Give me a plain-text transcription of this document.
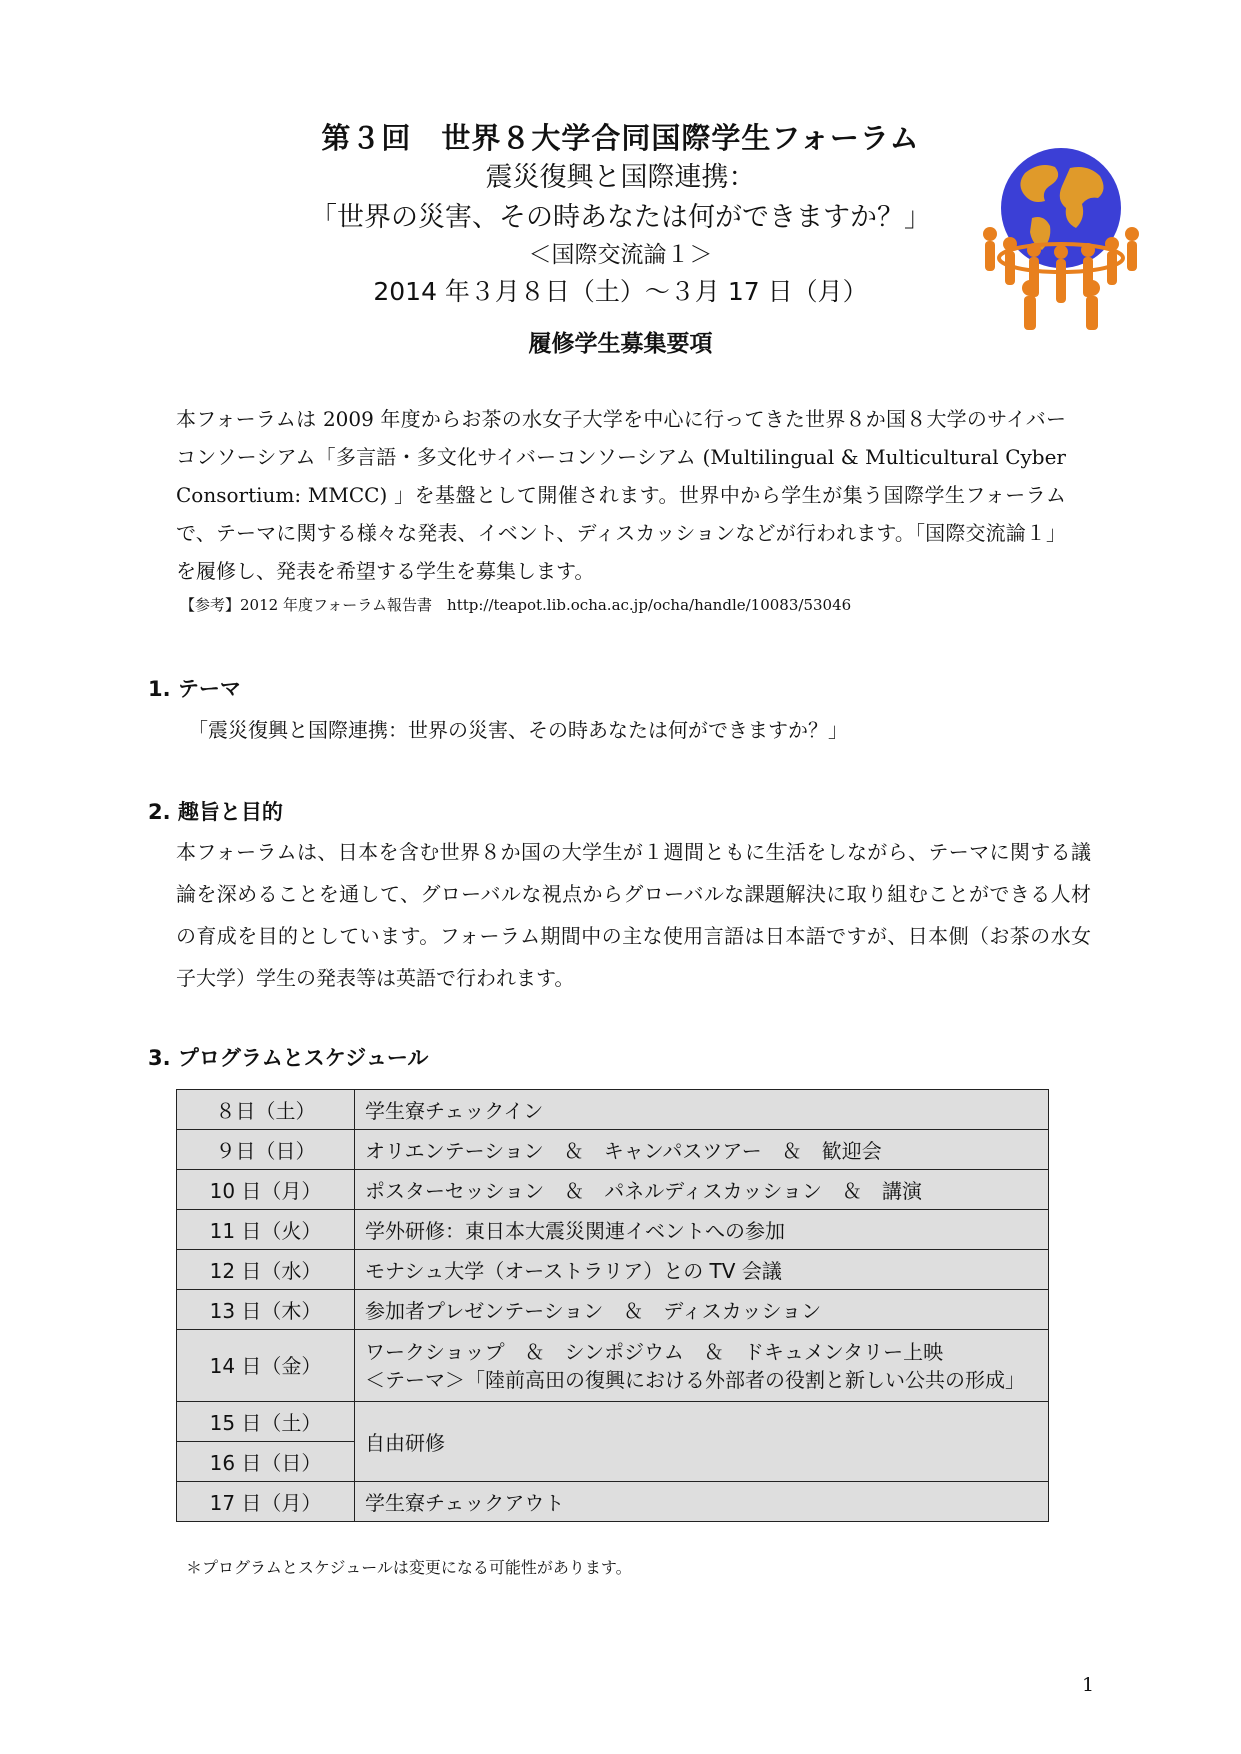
第３回　世界８大学合同国際学生フォーラム
震災復興と国際連携：
「世界の災害、その時あなたは何ができますか？」
＜国際交流論１＞
2014 年３月８日（土）～３月 17 日（月）
履修学生募集要項
本フォーラムは 2009 年度からお茶の水女子大学を中心に行ってきた世界８か国８大学のサイバーコンソーシアム「多言語・多文化サイバーコンソーシアム (Multilingual & Multicultural Cyber Consortium: MMCC) 」を基盤として開催されます。世界中から学生が集う国際学生フォーラムで、テーマに関する様々な発表、イベント、ディスカッションなどが行われます。「国際交流論１」を履修し、発表を希望する学生を募集します。
【参考】2012 年度フォーラム報告書　http://teapot.lib.ocha.ac.jp/ocha/handle/10083/53046
1. テーマ
「震災復興と国際連携：世界の災害、その時あなたは何ができますか？」
2. 趣旨と目的
本フォーラムは、日本を含む世界８か国の大学生が１週間ともに生活をしながら、テーマに関する議論を深めることを通して、グローバルな視点からグローバルな課題解決に取り組むことができる人材の育成を目的としています。フォーラム期間中の主な使用言語は日本語ですが、日本側（お茶の水女子大学）学生の発表等は英語で行われます。
3. プログラムとスケジュール
８日（土）	学生寮チェックイン
９日（日）	オリエンテーション　＆　キャンパスツアー　＆　歓迎会
10 日（月）	ポスターセッション　＆　パネルディスカッション　＆　講演
11 日（火）	学外研修：東日本大震災関連イベントへの参加
12 日（水）	モナシュ大学（オーストラリア）との TV 会議
13 日（木）	参加者プレゼンテーション　＆　ディスカッション
14 日（金）	ワークショップ　＆　シンポジウム　＆　ドキュメンタリー上映
＜テーマ＞「陸前高田の復興における外部者の役割と新しい公共の形成」

15 日（土）	自由研修
16 日（日）	
17 日（月）	学生寮チェックアウト
＊プログラムとスケジュールは変更になる可能性があります。
1
